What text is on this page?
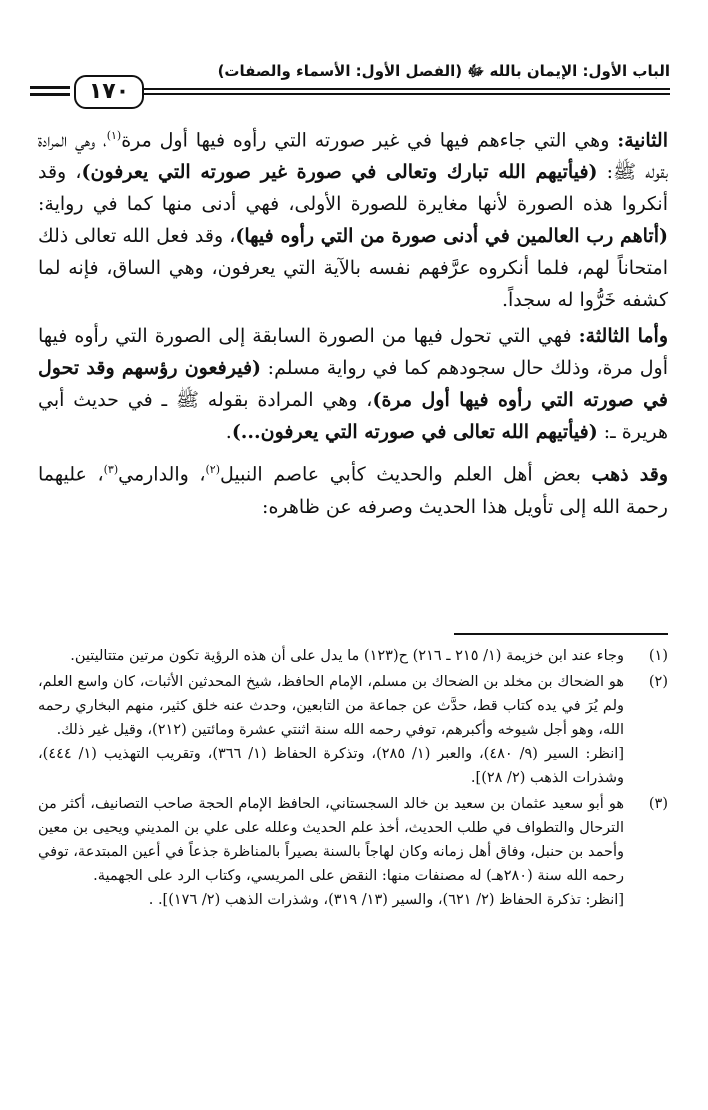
الباب الأول: الإيمان بالله ﷻ (الفصل الأول: الأسماء والصفات)
١٧٠

الثانية: وهي التي جاءهم فيها في غير صورته التي رأوه فيها أول مرة$^{(١)}$، وهي المرادة بقوله ﷺ: (فيأتيهم الله تبارك وتعالى في صورة غير صورته التي يعرفون)، وقد أنكروا هذه الصورة لأنها مغايرة للصورة الأولى، فهي أدنى منها كما في رواية: (أتاهم رب العالمين في أدنى صورة من التي رأوه فيها)، وقد فعل الله تعالى ذلك امتحاناً لهم، فلما أنكروه عرَّفهم نفسه بالآية التي يعرفون، وهي الساق، فإنه لما كشفه خَرُّوا له سجداً.

وأما الثالثة: فهي التي تحول فيها من الصورة السابقة إلى الصورة التي رأوه فيها أول مرة، وذلك حال سجودهم كما في رواية مسلم: (فيرفعون رؤسهم وقد تحول في صورته التي رأوه فيها أول مرة)، وهي المرادة بقوله ﷺ ـ في حديث أبي هريرة ـ: (فيأتيهم الله تعالى في صورته التي يعرفون...).

وقد ذهب بعض أهل العلم والحديث كأبي عاصم النبيل$^{(٢)}$، والدارمي$^{(٣)}$، عليهما رحمة الله إلى تأويل هذا الحديث وصرفه عن ظاهره:

(١)

وجاء عند ابن خزيمة (١/ ٢١٥ ـ ٢١٦) ح(١٢٣) ما يدل على أن هذه الرؤية تكون مرتين متتاليتين.

(٢)

هو الضحاك بن مخلد بن الضحاك بن مسلم، الإمام الحافظ، شيخ المحدثين الأثبات، كان واسع العلم، ولم يُرَ في يده كتاب قط، حدَّث عن جماعة من التابعين، وحدث عنه خلق كثير، منهم البخاري رحمه الله، وهو أجل شيوخه وأكبرهم، توفي رحمه الله سنة اثنتي عشرة ومائتين (٢١٢)، وقيل غير ذلك.

[انظر: السير (٩/ ٤٨٠)، والعبر (١/ ٢٨٥)، وتذكرة الحفاظ (١/ ٣٦٦)، وتقريب التهذيب (١/ ٤٤٤)، وشذرات الذهب (٢/ ٢٨)].

(٣)

هو أبو سعيد عثمان بن سعيد بن خالد السجستاني، الحافظ الإمام الحجة صاحب التصانيف، أكثر من الترحال والتطواف في طلب الحديث، أخذ علم الحديث وعلله على علي بن المديني ويحيى بن معين وأحمد بن حنبل، وفاق أهل زمانه وكان لهاجاً بالسنة بصيراً بالمناظرة جذعاً في أعين المبتدعة، توفي رحمه الله سنة (٢٨٠هـ) له مصنفات منها: النقض على المريسي، وكتاب الرد على الجهمية.

[انظر: تذكرة الحفاظ (٢/ ٦٢١)، والسير (١٣/ ٣١٩)، وشذرات الذهب (٢/ ١٧٦)]. .
